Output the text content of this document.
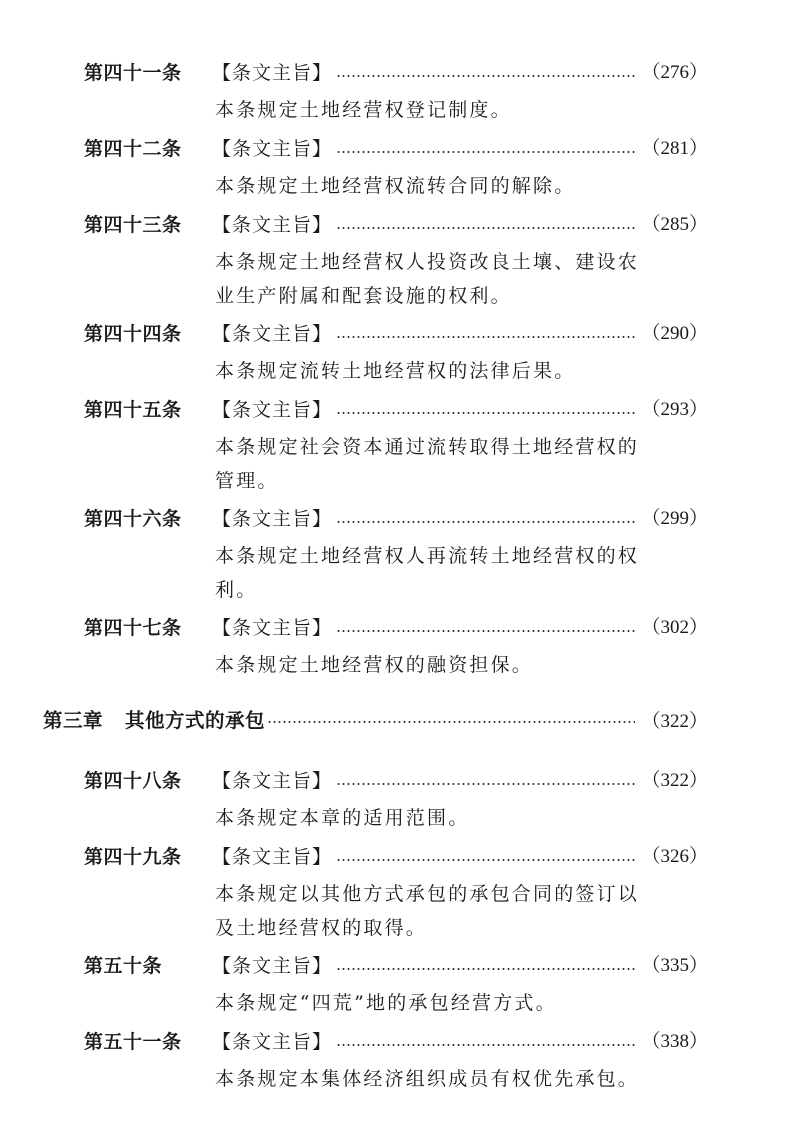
第四十一条 【条文主旨】	（276）
本条规定土地经营权登记制度。
第四十二条 【条文主旨】	（281）
本条规定土地经营权流转合同的解除。
第四十三条 【条文主旨】	（285）
本条规定土地经营权人投资改良土壤、建设农业生产附属和配套设施的权利。
第四十四条 【条文主旨】	（290）
本条规定流转土地经营权的法律后果。
第四十五条 【条文主旨】	（293）
本条规定社会资本通过流转取得土地经营权的管理。
第四十六条 【条文主旨】	（299）
本条规定土地经营权人再流转土地经营权的权利。
第四十七条 【条文主旨】	（302）
本条规定土地经营权的融资担保。
第三章 其他方式的承包	（322）
第四十八条 【条文主旨】	（322）
本条规定本章的适用范围。
第四十九条 【条文主旨】	（326）
本条规定以其他方式承包的承包合同的签订以及土地经营权的取得。
第五十条	【条文主旨】	（335）
本条规定“四荒”地的承包经营方式。
第五十一条 【条文主旨】	（338）
本条规定本集体经济组织成员有权优先承包。
